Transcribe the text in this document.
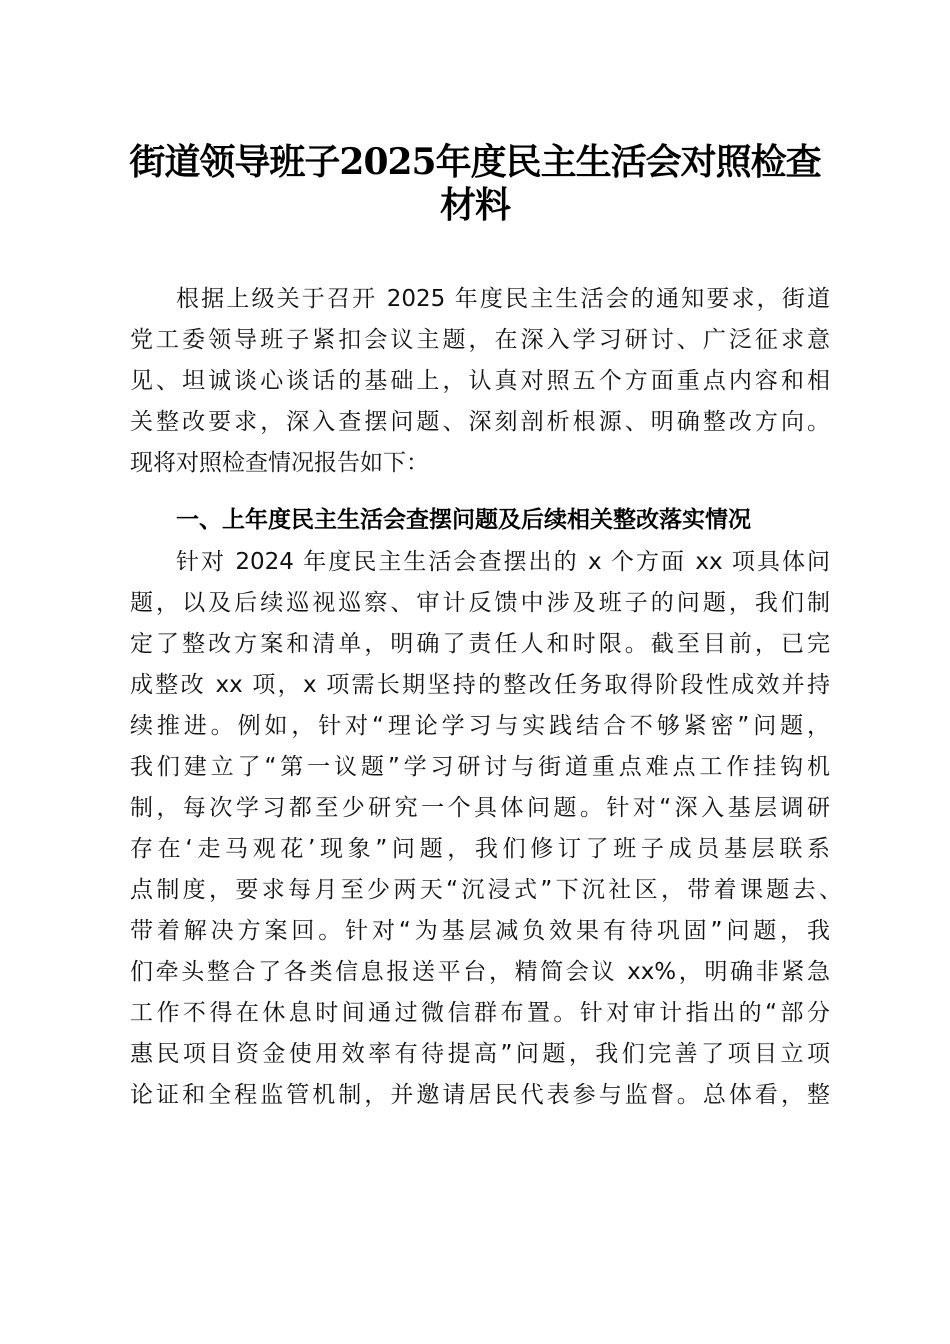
街道领导班子2025年度民主生活会对照检查
材料
根据上级关于召开 2025 年度民主生活会的通知要求，街道
党工委领导班子紧扣会议主题，在深入学习研讨、广泛征求意
见、坦诚谈心谈话的基础上，认真对照五个方面重点内容和相
关整改要求，深入查摆问题、深刻剖析根源、明确整改方向。
现将对照检查情况报告如下：
一、上年度民主生活会查摆问题及后续相关整改落实情况
针对 2024 年度民主生活会查摆出的 x 个方面 xx 项具体问
题，以及后续巡视巡察、审计反馈中涉及班子的问题，我们制
定了整改方案和清单，明确了责任人和时限。截至目前，已完
成整改 xx 项，x 项需长期坚持的整改任务取得阶段性成效并持
续推进。例如，针对“理论学习与实践结合不够紧密”问题，
我们建立了“第一议题”学习研讨与街道重点难点工作挂钩机
制，每次学习都至少研究一个具体问题。针对“深入基层调研
存在‘走马观花’现象”问题，我们修订了班子成员基层联系
点制度，要求每月至少两天“沉浸式”下沉社区，带着课题去、
带着解决方案回。针对“为基层减负效果有待巩固”问题，我
们牵头整合了各类信息报送平台，精简会议 xx%，明确非紧急
工作不得在休息时间通过微信群布置。针对审计指出的“部分
惠民项目资金使用效率有待提高”问题，我们完善了项目立项
论证和全程监管机制，并邀请居民代表参与监督。总体看，整
